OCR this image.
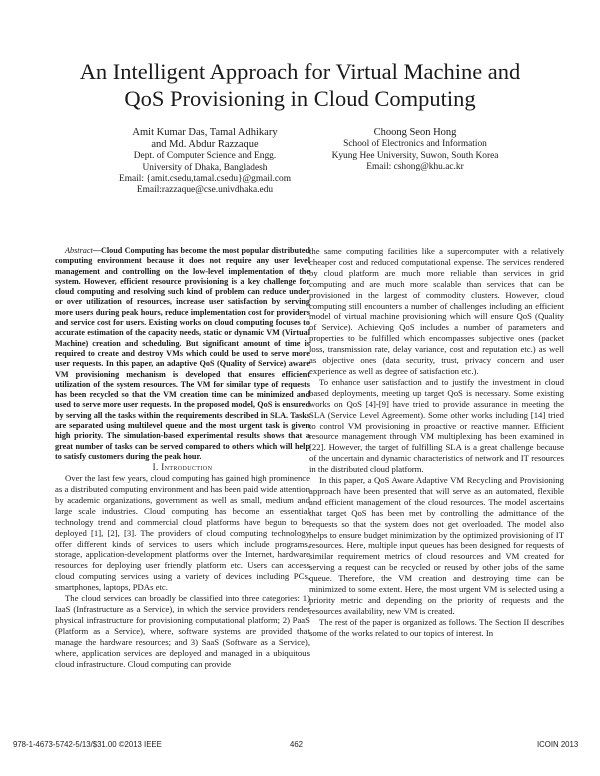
An Intelligent Approach for Virtual Machine and
QoS Provisioning in Cloud Computing
Amit Kumar Das, Tamal Adhikary
and Md. Abdur Razzaque
Dept. of Computer Science and Engg.
University of Dhaka, Bangladesh
Email: {amit.csedu,tamal.csedu}@gmail.com
Email:razzaque@cse.univdhaka.edu
Choong Seon Hong
School of Electronics and Information
Kyung Hee University, Suwon, South Korea
Email: cshong@khu.ac.kr

Abstract—Cloud Computing has become the most popular distributed computing environment because it does not require any user level management and controlling on the low-level implementation of the system. However, efficient resource provisioning is a key challenge for cloud computing and resolving such kind of problem can reduce under or over utilization of resources, increase user satisfaction by serving more users during peak hours, reduce implementation cost for providers and service cost for users. Existing works on cloud computing focuses to accurate estimation of the capacity needs, static or dynamic VM (Virtual Machine) creation and scheduling. But significant amount of time is required to create and destroy VMs which could be used to serve more user requests. In this paper, an adaptive QoS (Quality of Service) aware VM provisioning mechanism is developed that ensures efficient utilization of the system resources. The VM for similar type of requests has been recycled so that the VM creation time can be minimized and used to serve more user requests. In the proposed model, QoS is ensured by serving all the tasks within the requirements described in SLA. Tasks are separated using multilevel queue and the most urgent task is given high priority. The simulation-based experimental results shows that a great number of tasks can be served compared to others which will help to satisfy customers during the peak hour.

I. Introduction

Over the last few years, cloud computing has gained high prominence as a distributed computing environment and has been paid wide attention by academic organizations, government as well as small, medium and large scale industries. Cloud computing has become an essential technology trend and commercial cloud platforms have begun to be deployed [1], [2], [3]. The providers of cloud computing technology offer different kinds of services to users which include programs, storage, application-development platforms over the Internet, hardware resources for deploying user friendly platform etc. Users can access cloud computing services using a variety of devices including PCs, smartphones, laptops, PDAs etc.

The cloud services can broadly be classified into three categories: 1) IaaS (Infrastructure as a Service), in which the service providers render physical infrastructure for provisioning computational platform; 2) PaaS (Platform as a Service), where, software systems are provided that manage the hardware resources; and 3) SaaS (Software as a Service), where, application services are deployed and managed in a ubiquitous cloud infrastructure. Cloud computing can provide

the same computing facilities like a supercomputer with a relatively cheaper cost and reduced computational expense. The services rendered by cloud platform are much more reliable than services in grid computing and are much more scalable than services that can be provisioned in the largest of commodity clusters. However, cloud computing still encounters a number of challenges including an efficient model of virtual machine provisioning which will ensure QoS (Quality of Service). Achieving QoS includes a number of parameters and properties to be fulfilled which encompasses subjective ones (packet loss, transmission rate, delay variance, cost and reputation etc.) as well as objective ones (data security, trust, privacy concern and user experience as well as degree of satisfaction etc.).

To enhance user satisfaction and to justify the investment in cloud based deployments, meeting up target QoS is necessary. Some existing works on QoS [4]-[9] have tried to provide assurance in meeting the SLA (Service Level Agreement). Some other works including [14] tried to control VM provisioning in proactive or reactive manner. Efficient resource management through VM multiplexing has been examined in [22]. However, the target of fulfilling SLA is a great challenge because of the uncertain and dynamic characteristics of network and IT resources in the distributed cloud platform.

In this paper, a QoS Aware Adaptive VM Recycling and Provisioning approach have been presented that will serve as an automated, flexible and efficient management of the cloud resources. The model ascertains that target QoS has been met by controlling the admittance of the requests so that the system does not get overloaded. The model also helps to ensure budget minimization by the optimized provisioning of IT resources. Here, multiple input queues has been designed for requests of similar requirement metrics of cloud resources and VM created for serving a request can be recycled or reused by other jobs of the same queue. Therefore, the VM creation and destroying time can be minimized to some extent. Here, the most urgent VM is selected using a priority metric and depending on the priority of requests and the resources availability, new VM is created.

The rest of the paper is organized as follows. The Section II describes some of the works related to our topics of interest. In

978-1-4673-5742-5/13/$31.00 ©2013 IEEE	462	ICOIN 2013
